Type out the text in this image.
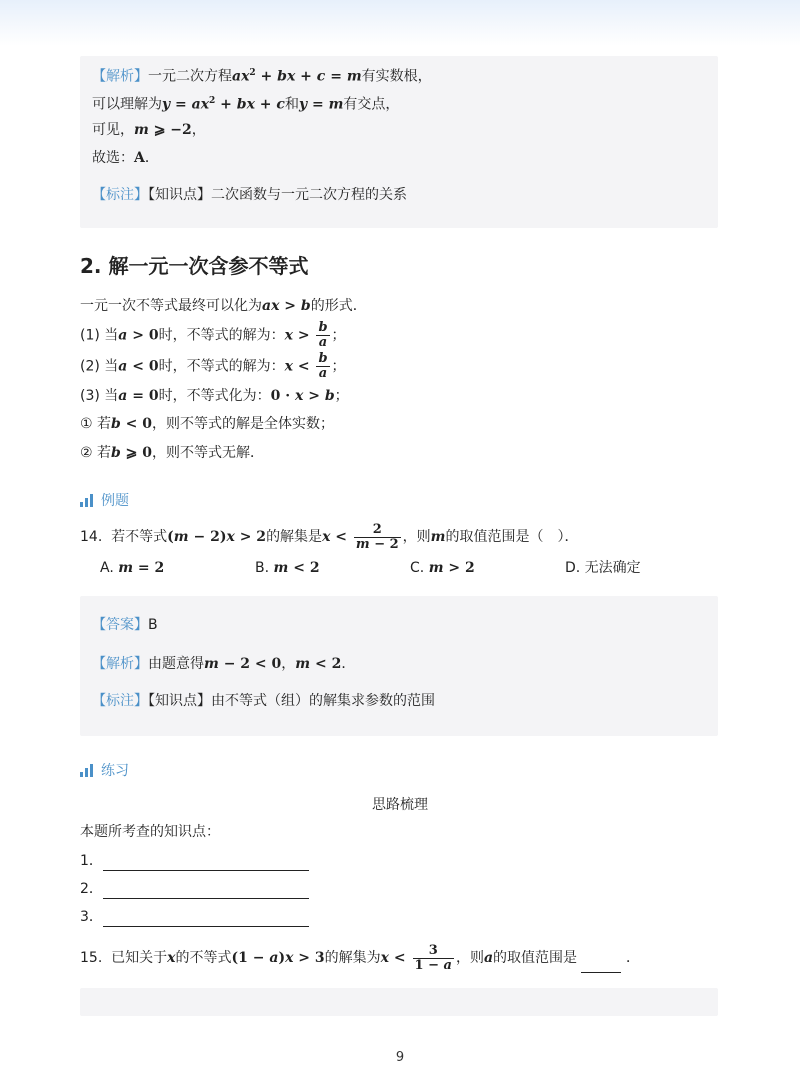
【解析】一元二次方程$ax^2$ + bx + c = m有实数根，
可以理解为$y = ax^2$ + bx + c和y = m有交点，
可见，m ⩾ −2，
故选：A．
【标注】【知识点】二次函数与一元二次方程的关系
2. 解一元一次含参不等式
一元一次不等式最终可以化为ax > b的形式．
(1) 当a > 0时，不等式的解为：$x > \frac{b}{a}$ ；
(2) 当a < 0时，不等式的解为：$x < \frac{b}{a}$ ；
(3) 当a = 0时，不等式化为：0 · x > b；
① 若b < 0，则不等式的解是全体实数；
② 若b ⩾ 0，则不等式无解．
例题
14. 若不等式(m − 2)x > 2的解集是$x < \frac{2}{m - 2}$ ，则m的取值范围是（　）．
A. m = 2	B. m < 2	C. m > 2	D. 无法确定
【答案】B
【解析】由题意得m − 2 < 0，m < 2．
【标注】【知识点】由不等式（组）的解集求参数的范围
练习
思路梳理
本题所考查的知识点：
1．
2．
3．
15. 已知关于x的不等式(1 − a)x > 3的解集为$x < \frac{3}{1 - a}$ ，则a的取值范围是	．
9
